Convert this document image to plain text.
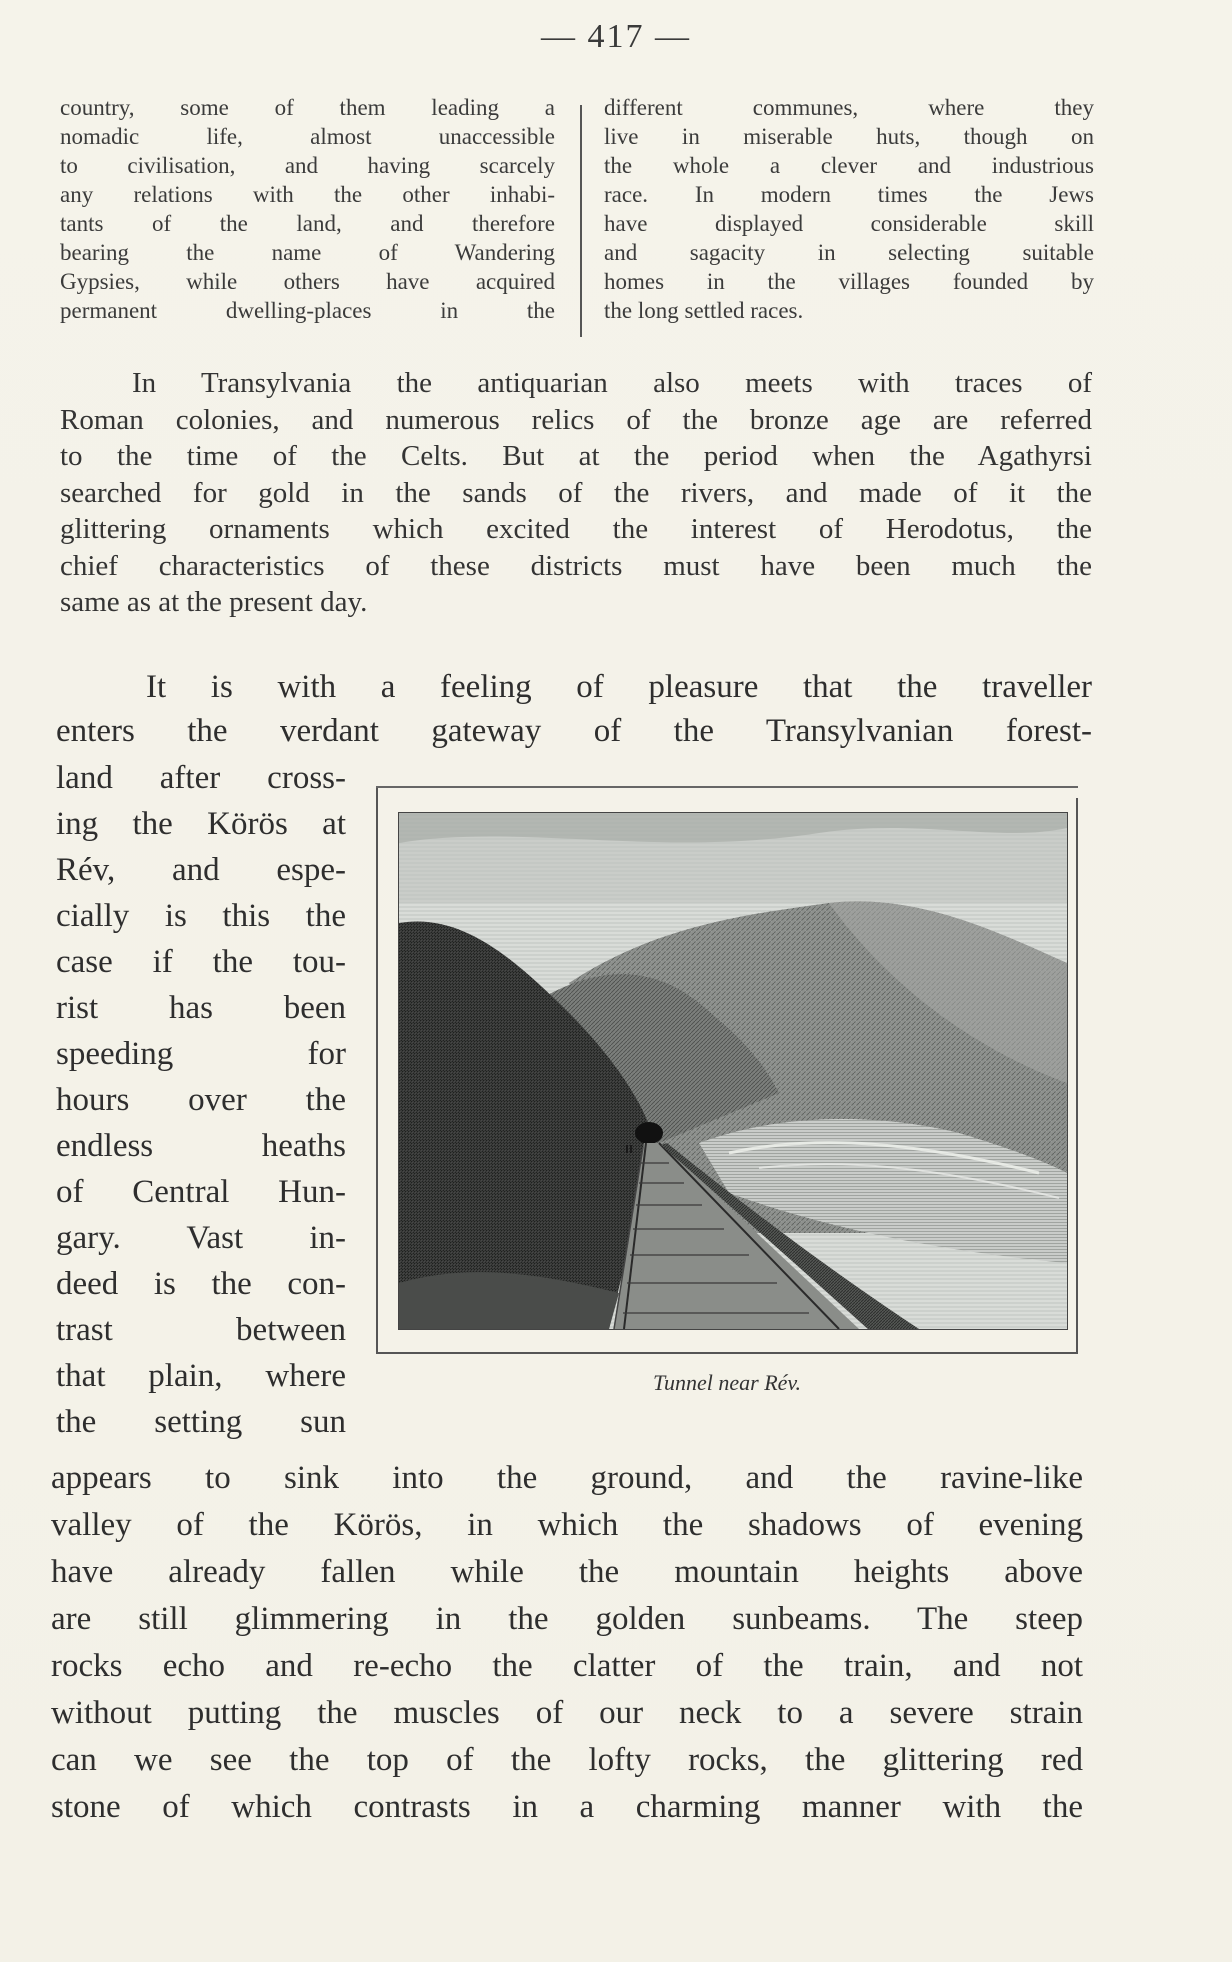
— 417 —
country, some of them leading a
nomadic life, almost unaccessible
to civilisation, and having scarcely
any relations with the other inhabi-
tants of the land, and therefore
bearing the name of Wandering
Gypsies, while others have acquired
permanent dwelling-places in the
different communes, where they
live in miserable huts, though on
the whole a clever and industrious
race. In modern times the Jews
have displayed considerable skill
and sagacity in selecting suitable
homes in the villages founded by
the long settled races.
In Transylvania the antiquarian also meets with traces of
Roman colonies, and numerous relics of the bronze age are referred
to the time of the Celts. But at the period when the Agathyrsi
searched for gold in the sands of the rivers, and made of it the
glittering ornaments which excited the interest of Herodotus, the
chief characteristics of these districts must have been much the
same as at the present day.
It is with a feeling of pleasure that the traveller
enters the verdant gateway of the Transylvanian forest-
land after cross-
ing the Körös at
Rév, and espe-
cially is this the
case if the tou-
rist has been
speeding for
hours over the
endless heaths
of Central Hun-
gary. Vast in-
deed is the con-
trast between
that plain, where
the setting sun
Tunnel near Rév.
appears to sink into the ground, and the ravine-like
valley of the Körös, in which the shadows of evening
have already fallen while the mountain heights above
are still glimmering in the golden sunbeams. The steep
rocks echo and re-echo the clatter of the train, and not
without putting the muscles of our neck to a severe strain
can we see the top of the lofty rocks, the glittering red
stone of which contrasts in a charming manner with the
